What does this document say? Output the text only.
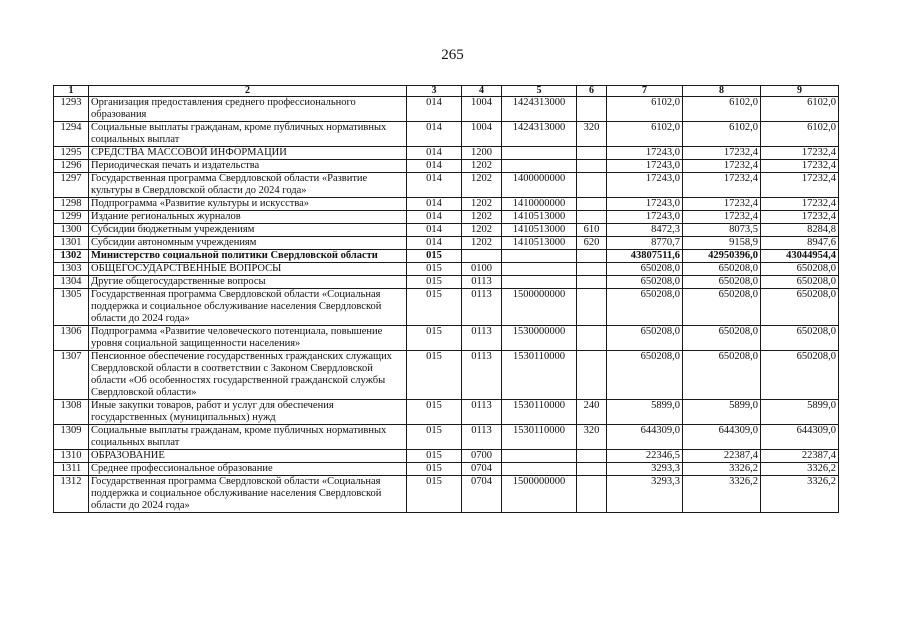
265
1	2	3	4	5	6	7	8	9
1293	Организация предоставления среднего профессионального образования	014	1004	1424313000		6102,0	6102,0	6102,0
1294	Социальные выплаты гражданам, кроме публичных нормативных социальных выплат	014	1004	1424313000	320	6102,0	6102,0	6102,0
1295	СРЕДСТВА МАССОВОЙ ИНФОРМАЦИИ	014	1200			17243,0	17232,4	17232,4
1296	Периодическая печать и издательства	014	1202			17243,0	17232,4	17232,4
1297	Государственная программа Свердловской области «Развитие культуры в Свердловской области до 2024 года»	014	1202	1400000000		17243,0	17232,4	17232,4
1298	Подпрограмма «Развитие культуры и искусства»	014	1202	1410000000		17243,0	17232,4	17232,4
1299	Издание региональных журналов	014	1202	1410513000		17243,0	17232,4	17232,4
1300	Субсидии бюджетным учреждениям	014	1202	1410513000	610	8472,3	8073,5	8284,8
1301	Субсидии автономным учреждениям	014	1202	1410513000	620	8770,7	9158,9	8947,6
1302	Министерство социальной политики Свердловской области	015				43807511,6	42950396,0	43044954,4
1303	ОБЩЕГОСУДАРСТВЕННЫЕ ВОПРОСЫ	015	0100			650208,0	650208,0	650208,0
1304	Другие общегосударственные вопросы	015	0113			650208,0	650208,0	650208,0
1305	Государственная программа Свердловской области «Социальная поддержка и социальное обслуживание населения Свердловской области до 2024 года»	015	0113	1500000000		650208,0	650208,0	650208,0
1306	Подпрограмма «Развитие человеческого потенциала, повышение уровня социальной защищенности населения»	015	0113	1530000000		650208,0	650208,0	650208,0
1307	Пенсионное обеспечение государственных гражданских служащих Свердловской области в соответствии с Законом Свердловской области «Об особенностях государственной гражданской службы Свердловской области»	015	0113	1530110000		650208,0	650208,0	650208,0
1308	Иные закупки товаров, работ и услуг для обеспечения государственных (муниципальных) нужд	015	0113	1530110000	240	5899,0	5899,0	5899,0
1309	Социальные выплаты гражданам, кроме публичных нормативных социальных выплат	015	0113	1530110000	320	644309,0	644309,0	644309,0
1310	ОБРАЗОВАНИЕ	015	0700			22346,5	22387,4	22387,4
1311	Среднее профессиональное образование	015	0704			3293,3	3326,2	3326,2
1312	Государственная программа Свердловской области «Социальная поддержка и социальное обслуживание населения Свердловской области до 2024 года»	015	0704	1500000000		3293,3	3326,2	3326,2
